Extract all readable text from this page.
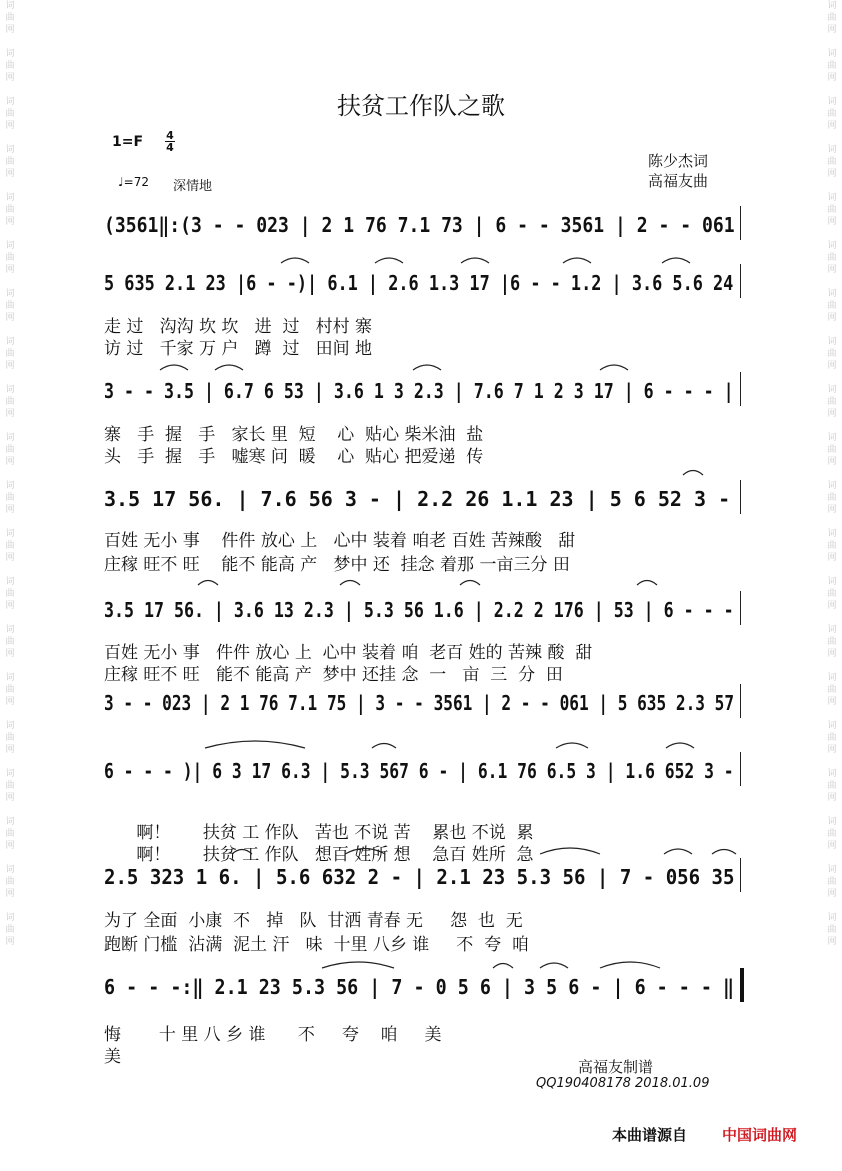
词
曲
网

词
曲
网

词
曲
网

词
曲
网

词
曲
网

词
曲
网

词
曲
网

词
曲
网

词
曲
网

词
曲
网

词
曲
网

词
曲
网

词
曲
网

词
曲
网

词
曲
网

词
曲
网

词
曲
网

词
曲
网

词
曲
网

词
曲
网
词
曲
网

词
曲
网

词
曲
网

词
曲
网

词
曲
网

词
曲
网

词
曲
网

词
曲
网

词
曲
网

词
曲
网

词
曲
网

词
曲
网

词
曲
网

词
曲
网

词
曲
网

词
曲
网

词
曲
网

词
曲
网

词
曲
网

词
曲
网
扶贫工作队之歌
1=F 4
4
♩=72 深情地
陈少杰词
高福友曲
(3561‖:(3 - - 023 | 2 1 76 7.1 73 | 6 - - 3561 | 2 - - 061
5 635 2.1 23 |6 - -)| 6.1 | 2.6 1.3 17 |6 - - 1.2 | 3.6 5.6 24
走 过   沟沟 坎 坎   进  过   村村 寨
访 过   千家 万 户   蹲  过   田间 地
3 - - 3.5 | 6.7 6 53 | 3.6 1 3 2.3 | 7.6 7 1 2 3 17 | 6 - - - |
寨   手  握   手   家长 里  短    心  贴心 柴米油  盐
头   手  握   手   嘘寒 问  暖    心  贴心 把爱递  传
3.5 17 56. | 7.6 56 3 - | 2.2 26 1.1 23 | 5 6 52 3 -
百姓 无小 事    件件 放心 上   心中 装着 咱老 百姓 苦辣酸   甜
庄稼 旺不 旺    能不 能高 产   梦中 还  挂念 着那 一亩三分 田
3.5 17 56. | 3.6 13 2.3 | 5.3 56 1.6 | 2.2 2 176 | 53 | 6 - - -
百姓 无小 事   件件 放心 上  心中 装着 咱  老百 姓的 苦辣 酸  甜
庄稼 旺不 旺   能不 能高 产  梦中 还挂 念  一   亩  三  分  田
3 - - 023 | 2 1 76 7.1 75 | 3 - - 3561 | 2 - - 061 | 5 635 2.3 57
6 - - - )| 6 3 17 6.3 | 5.3 567 6 - | 6.1 76 6.5 3 | 1.6 652 3 -
啊！      扶贫 工 作队   苦也 不说 苦    累也 不说  累
啊！      扶贫 工 作队   想百 姓所 想    急百 姓所  急
2.5 323 1 6. | 5.6 632 2 - | 2.1 23 5.3 56 | 7 - 056 35
为了 全面  小康  不   掉   队  甘洒 青春 无     怨  也  无
跑断 门槛  沾满  泥土 汗   味  十里 八乡 谁     不  夸  咱
6 - - -:‖ 2.1 23 5.3 56 | 7 - 0 5 6 | 3 5 6 - | 6 - - - ‖
悔       十 里 八 乡 谁      不     夸    咱     美
美	高福友制谱
QQ190408178 2018.01.09
本曲谱源自 中国词曲网
